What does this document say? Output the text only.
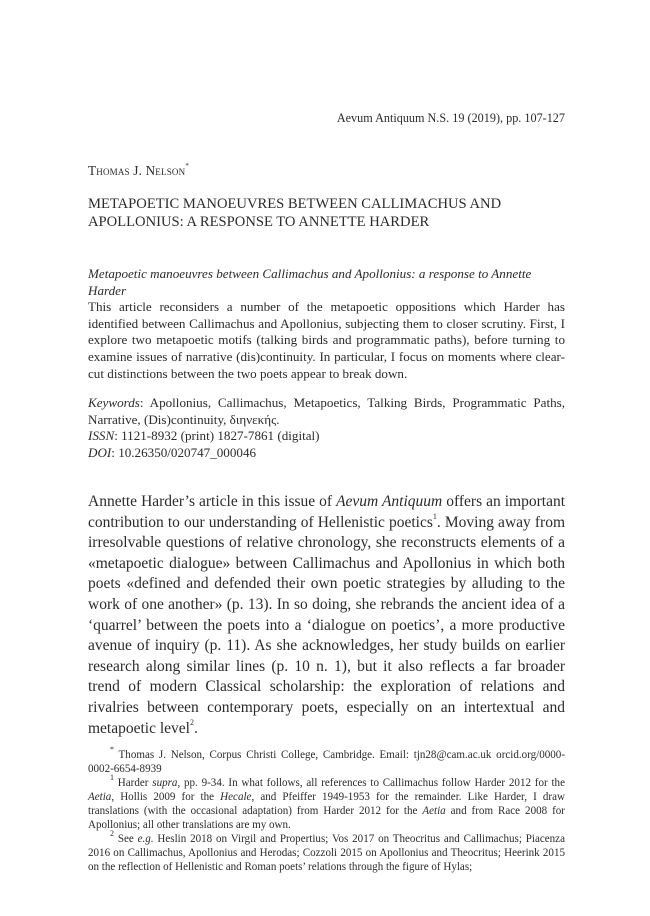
Aevum Antiquum N.S. 19 (2019), pp. 107-127
Thomas J. Nelson*
METAPOETIC MANOEUVRES BETWEEN CALLIMACHUS AND APOLLONIUS: A RESPONSE TO ANNETTE HARDER
Metapoetic manoeuvres between Callimachus and Apollonius: a response to Annette Harder

This article reconsiders a number of the metapoetic oppositions which Harder has identified between Callimachus and Apollonius, subjecting them to closer scrutiny. First, I explore two metapoetic motifs (talking birds and programmatic paths), before turning to examine issues of narrative (dis)continuity. In particular, I focus on moments where clear-cut distinctions between the two poets appear to break down.

Keywords: Apollonius, Callimachus, Metapoetics, Talking Birds, Programmatic Paths, Narrative, (Dis)continuity, διηνεκής.
ISSN: 1121-8932 (print) 1827-7861 (digital)
DOI: 10.26350/020747_000046

Annette Harder’s article in this issue of Aevum Antiquum offers an important contribution to our understanding of Hellenistic poetics$^1$. Moving away from irresolvable questions of relative chronology, she reconstructs elements of a «metapoetic dialogue» between Callimachus and Apollonius in which both poets «defined and defended their own poetic strategies by alluding to the work of one another» (p. 13). In so doing, she rebrands the ancient idea of a ‘quarrel’ between the poets into a ‘dialogue on poetics’, a more productive avenue of inquiry (p. 11). As she acknowledges, her study builds on earlier research along similar lines (p. 10 n. 1), but it also reflects a far broader trend of modern Classical scholarship: the exploration of relations and rivalries between contemporary poets, especially on an intertextual and metapoetic level$^2$.

* Thomas J. Nelson, Corpus Christi College, Cambridge. Email: tjn28@cam.ac.uk orcid.org/0000-0002-6654-8939

$^1$ Harder supra, pp. 9-34. In what follows, all references to Callimachus follow Harder 2012 for the Aetia, Hollis 2009 for the Hecale, and Pfeiffer 1949-1953 for the remainder. Like Harder, I draw translations (with the occasional adaptation) from Harder 2012 for the Aetia and from Race 2008 for Apollonius; all other translations are my own.

$^2$ See e.g. Heslin 2018 on Virgil and Propertius; Vos 2017 on Theocritus and Callimachus; Piacenza 2016 on Callimachus, Apollonius and Herodas; Cozzoli 2015 on Apollonius and Theocritus; Heerink 2015 on the reflection of Hellenistic and Roman poets’ relations through the figure of Hylas;
